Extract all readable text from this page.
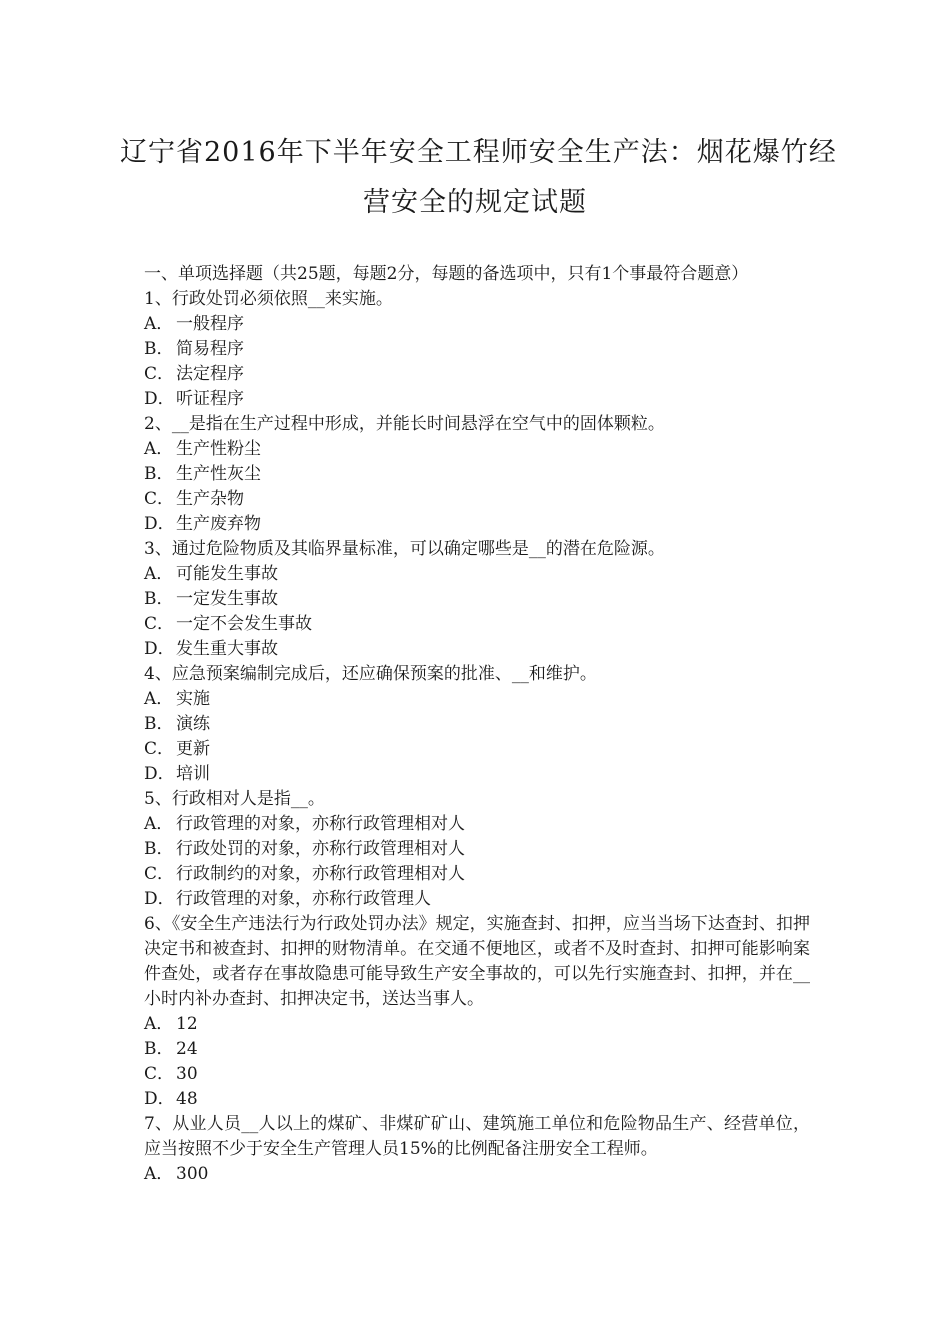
辽宁省2016年下半年安全工程师安全生产法：烟花爆竹经
营安全的规定试题

一、单项选择题（共25题，每题2分，每题的备选项中，只有1个事最符合题意）

1、行政处罚必须依照__来实施。

A． 一般程序

B． 简易程序

C． 法定程序

D．听证程序

2、__是指在生产过程中形成，并能长时间悬浮在空气中的固体颗粒。

A． 生产性粉尘

B． 生产性灰尘

C． 生产杂物

D．生产废弃物

3、通过危险物质及其临界量标准，可以确定哪些是__的潜在危险源。

A． 可能发生事故

B． 一定发生事故

C． 一定不会发生事故

D．发生重大事故

4、应急预案编制完成后，还应确保预案的批准、__和维护。

A． 实施

B． 演练

C． 更新

D．培训

5、行政相对人是指__。

A． 行政管理的对象，亦称行政管理相对人

B． 行政处罚的对象，亦称行政管理相对人

C． 行政制约的对象，亦称行政管理相对人

D．行政管理的对象，亦称行政管理人

6、《安全生产违法行为行政处罚办法》规定，实施查封、扣押，应当当场下达查封、扣押决定书和被查封、扣押的财物清单。在交通不便地区，或者不及时查封、扣押可能影响案件查处，或者存在事故隐患可能导致生产安全事故的，可以先行实施查封、扣押，并在__小时内补办查封、扣押决定书，送达当事人。

A． 12

B． 24

C． 30

D．48

7、从业人员__人以上的煤矿、非煤矿矿山、建筑施工单位和危险物品生产、经营单位，应当按照不少于安全生产管理人员15%的比例配备注册安全工程师。

A． 300
